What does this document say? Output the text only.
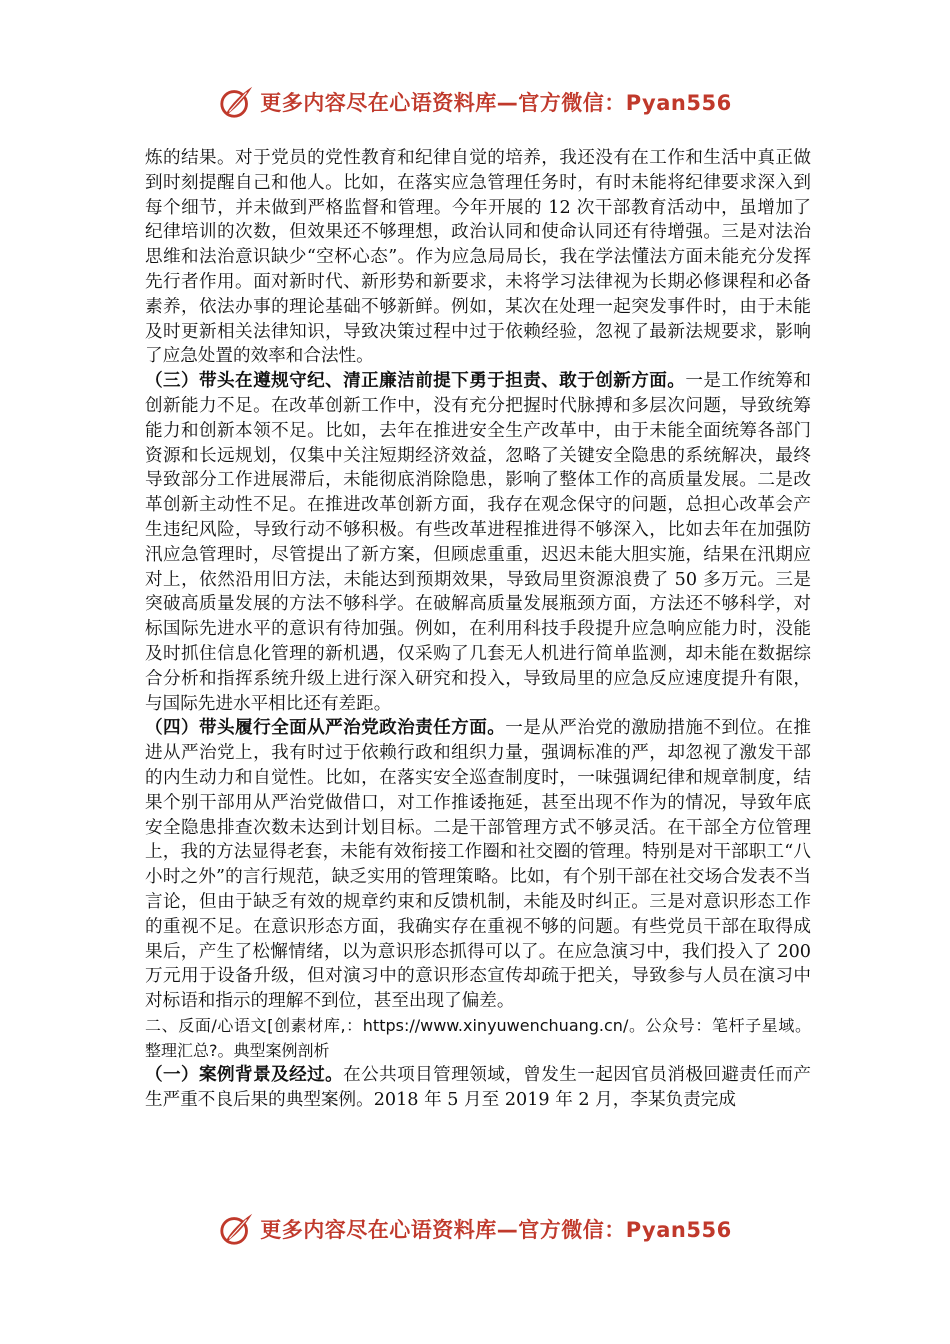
更多内容尽在心语资料库—官方微信：Pyan556

炼的结果。对于党员的党性教育和纪律自觉的培养，我还没有在工作和生活中真正做到时刻提醒自己和他人。比如，在落实应急管理任务时，有时未能将纪律要求深入到每个细节，并未做到严格监督和管理。今年开展的 12 次干部教育活动中，虽增加了纪律培训的次数，但效果还不够理想，政治认同和使命认同还有待增强。三是对法治思维和法治意识缺少“空杯心态”。作为应急局局长，我在学法懂法方面未能充分发挥先行者作用。面对新时代、新形势和新要求，未将学习法律视为长期必修课程和必备素养，依法办事的理论基础不够新鲜。例如，某次在处理一起突发事件时，由于未能及时更新相关法律知识，导致决策过程中过于依赖经验，忽视了最新法规要求，影响了应急处置的效率和合法性。

（三）带头在遵规守纪、清正廉洁前提下勇于担责、敢于创新方面。一是工作统筹和创新能力不足。在改革创新工作中，没有充分把握时代脉搏和多层次问题，导致统筹能力和创新本领不足。比如，去年在推进安全生产改革中，由于未能全面统筹各部门资源和长远规划，仅集中关注短期经济效益，忽略了关键安全隐患的系统解决，最终导致部分工作进展滞后，未能彻底消除隐患，影响了整体工作的高质量发展。二是改革创新主动性不足。在推进改革创新方面，我存在观念保守的问题，总担心改革会产生违纪风险，导致行动不够积极。有些改革进程推进得不够深入，比如去年在加强防汛应急管理时，尽管提出了新方案，但顾虑重重，迟迟未能大胆实施，结果在汛期应对上，依然沿用旧方法，未能达到预期效果，导致局里资源浪费了 50 多万元。三是突破高质量发展的方法不够科学。在破解高质量发展瓶颈方面，方法还不够科学，对标国际先进水平的意识有待加强。例如，在利用科技手段提升应急响应能力时，没能及时抓住信息化管理的新机遇，仅采购了几套无人机进行简单监测，却未能在数据综合分析和指挥系统升级上进行深入研究和投入，导致局里的应急反应速度提升有限，与国际先进水平相比还有差距。

（四）带头履行全面从严治党政治责任方面。一是从严治党的激励措施不到位。在推进从严治党上，我有时过于依赖行政和组织力量，强调标准的严，却忽视了激发干部的内生动力和自觉性。比如，在落实安全巡查制度时，一味强调纪律和规章制度，结果个别干部用从严治党做借口，对工作推诿拖延，甚至出现不作为的情况，导致年底安全隐患排查次数未达到计划目标。二是干部管理方式不够灵活。在干部全方位管理上，我的方法显得老套，未能有效衔接工作圈和社交圈的管理。特别是对干部职工“八小时之外”的言行规范，缺乏实用的管理策略。比如，有个别干部在社交场合发表不当言论，但由于缺乏有效的规章约束和反馈机制，未能及时纠正。三是对意识形态工作的重视不足。在意识形态方面，我确实存在重视不够的问题。有些党员干部在取得成果后，产生了松懈情绪，以为意识形态抓得可以了。在应急演习中，我们投入了 200 万元用于设备升级，但对演习中的意识形态宣传却疏于把关，导致参与人员在演习中对标语和指示的理解不到位，甚至出现了偏差。

二、反面/心语文[创素材库,：https://www.xinyuwenchuang.cn/。公众号：笔杆子星域。整理汇总?。典型案例剖析

（一）案例背景及经过。在公共项目管理领域，曾发生一起因官员消极回避责任而产生严重不良后果的典型案例。2018 年 5 月至 2019 年 2 月，李某负责完成

更多内容尽在心语资料库—官方微信：Pyan556
